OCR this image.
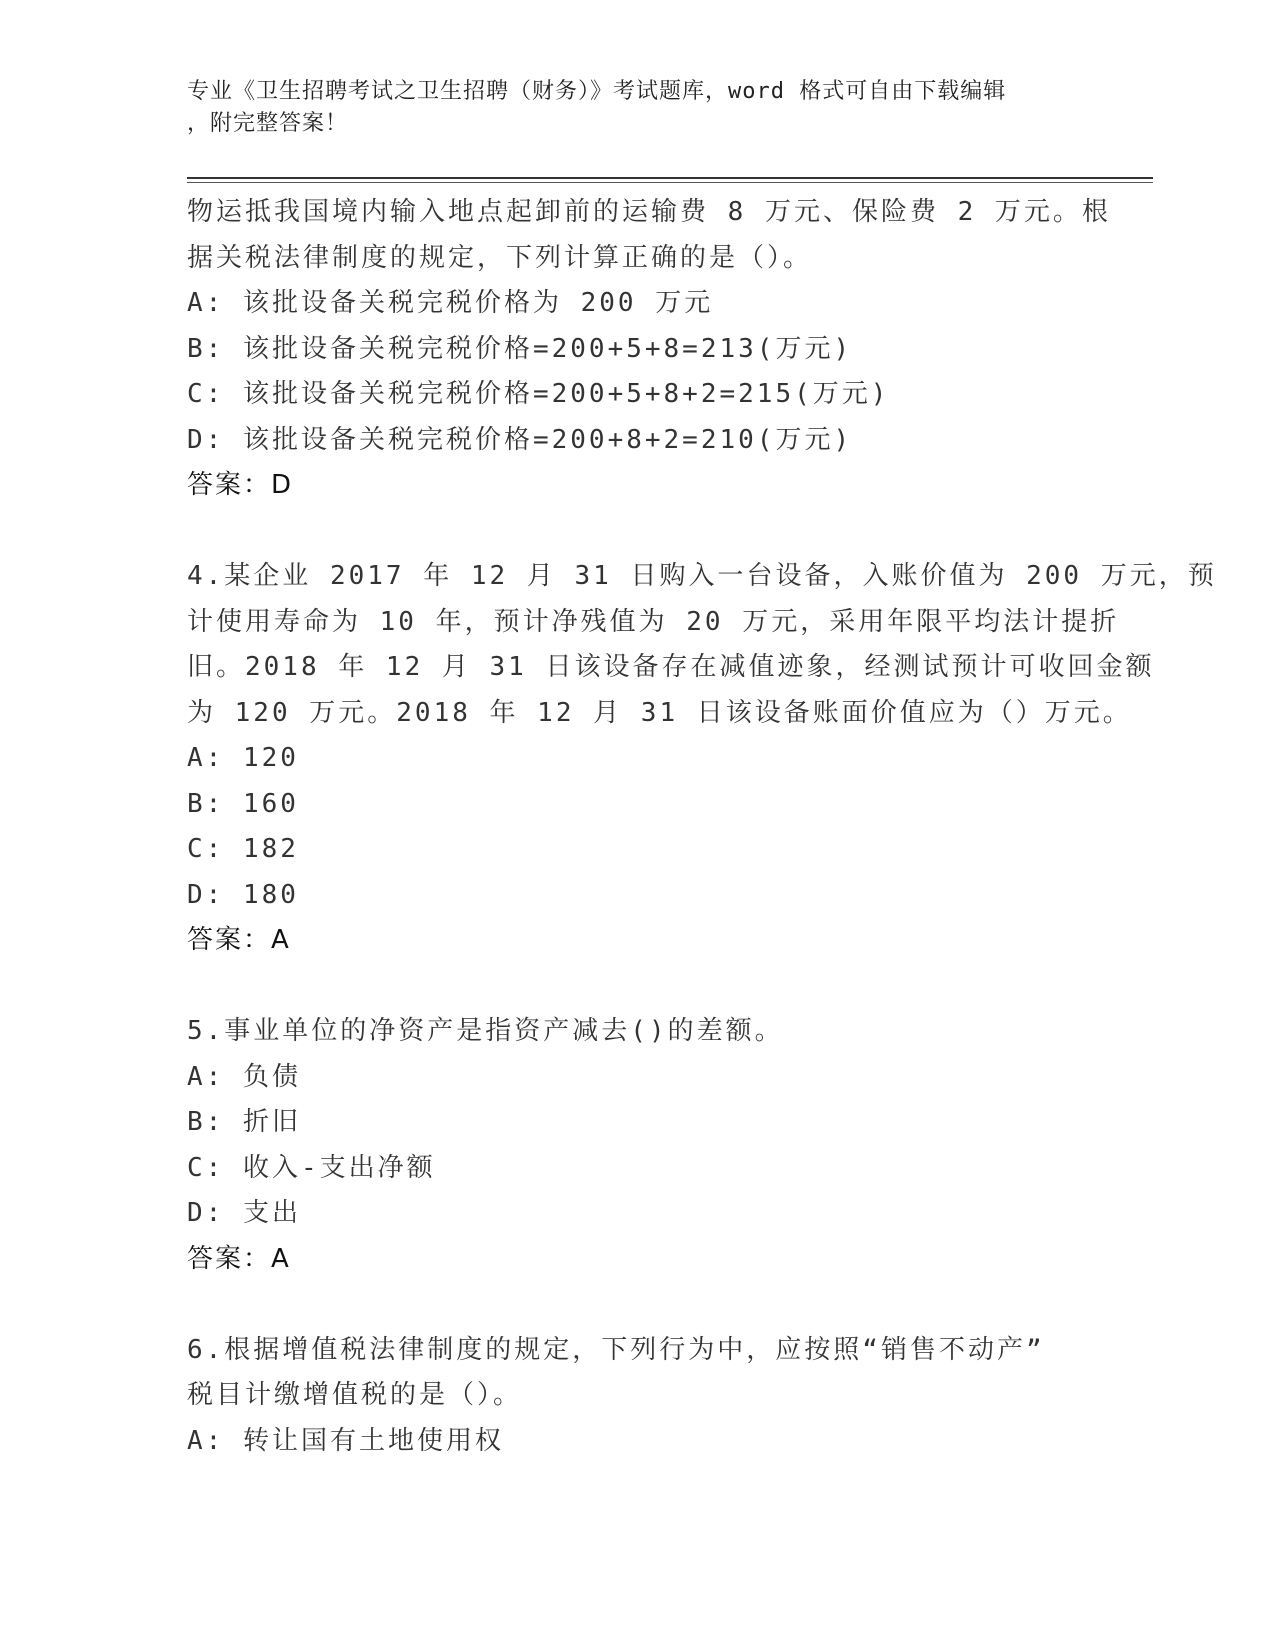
专业《卫生招聘考试之卫生招聘（财务）》考试题库，word 格式可自由下载编辑
，附完整答案！
物运抵我国境内输入地点起卸前的运输费 8 万元、保险费 2 万元。根
据关税法律制度的规定，下列计算正确的是（）。
A: 该批设备关税完税价格为 200 万元
B: 该批设备关税完税价格=200+5+8=213(万元)
C: 该批设备关税完税价格=200+5+8+2=215(万元)
D: 该批设备关税完税价格=200+8+2=210(万元)
答案：D
4.某企业 2017 年 12 月 31 日购入一台设备，入账价值为 200 万元，预
计使用寿命为 10 年，预计净残值为 20 万元，采用年限平均法计提折
旧。2018 年 12 月 31 日该设备存在减值迹象，经测试预计可收回金额
为 120 万元。2018 年 12 月 31 日该设备账面价值应为（）万元。
A: 120
B: 160
C: 182
D: 180
答案：A
5.事业单位的净资产是指资产减去()的差额。
A: 负债
B: 折旧
C: 收入-支出净额
D: 支出
答案：A
6.根据增值税法律制度的规定，下列行为中，应按照“销售不动产”
税目计缴增值税的是（）。
A: 转让国有土地使用权
